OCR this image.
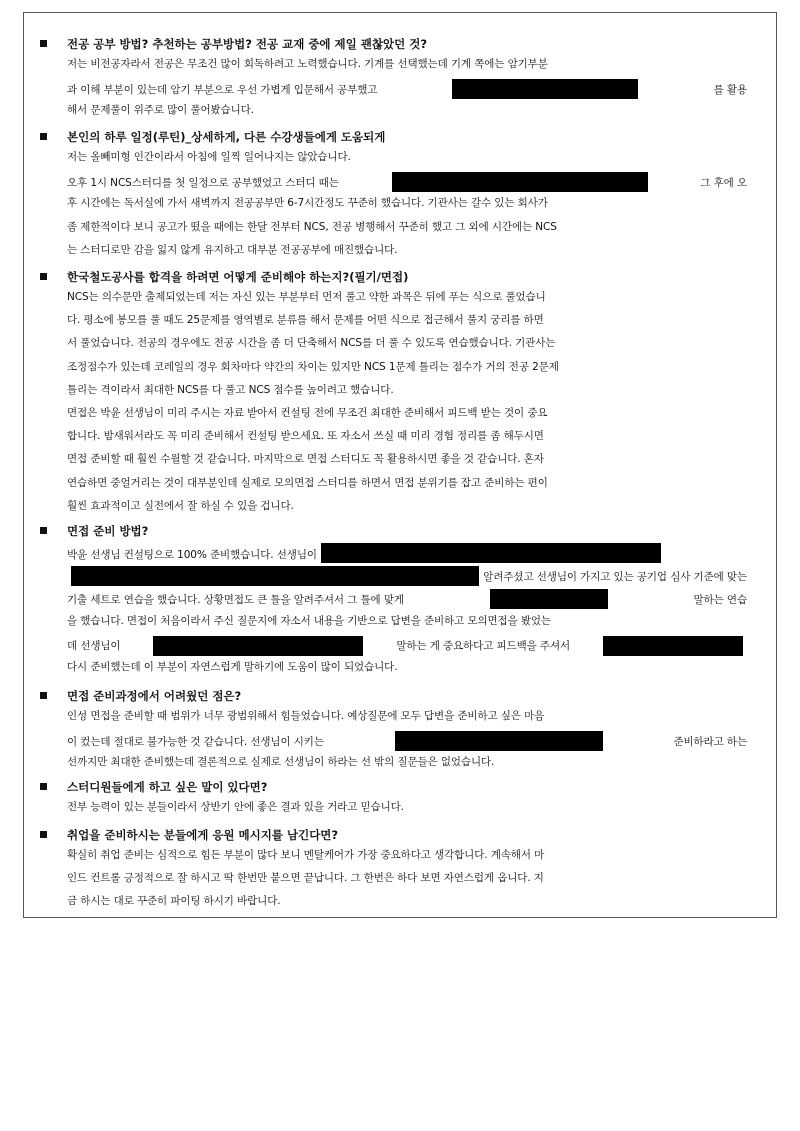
전공 공부 방법? 추천하는 공부방법? 전공 교재 중에 제일 괜찮았던 것?
저는 비전공자라서 전공은 무조건 많이 회독하려고 노력했습니다. 기계를 선택했는데 기계 쪽에는 암기부분
과 이해 부분이 있는데 암기 부분으로 우선 가볍게 입문해서 공부했고	를 활용
해서 문제풀이 위주로 많이 풀어봤습니다.
본인의 하루 일정(루틴)_상세하게, 다른 수강생들에게 도움되게
저는 올빼미형 인간이라서 아침에 일찍 일어나지는 않았습니다.
오후 1시 NCS스터디를 첫 일정으로 공부했었고 스터디 때는	그 후에 오
후 시간에는 독서실에 가서 새벽까지 전공공부만 6-7시간정도 꾸준히 했습니다. 기관사는 갈수 있는 회사가
좀 제한적이다 보니 공고가 떴을 때에는 한달 전부터 NCS, 전공 병행해서 꾸준히 했고 그 외에 시간에는 NCS
는 스터디로만 감을 잃지 않게 유지하고 대부분 전공공부에 매진했습니다.
한국철도공사를 합격을 하려면 어떻게 준비해야 하는지?(필기/면접)
NCS는 의수문만 출제되었는데 저는 자신 있는 부분부터 먼저 풀고 약한 과목은 뒤에 푸는 식으로 풀었습니
다. 평소에 봉모를 풀 때도 25문제를 영역별로 분류를 해서 문제를 어떤 식으로 접근해서 풀지 궁리를 하면
서 풀었습니다. 전공의 경우에도 전공 시간을 좀 더 단축해서 NCS를 더 풀 수 있도록 연습했습니다. 기관사는
조정점수가 있는데 코레일의 경우 회차마다 약간의 차이는 있지만 NCS 1문제 틀리는 점수가 거의 전공 2문제
틀리는 격이라서 최대한 NCS를 다 풀고 NCS 점수를 높이려고 했습니다.
면접은 박윤 선생님이 미리 주시는 자료 받아서 컨설팅 전에 무조건 최대한 준비해서 피드백 받는 것이 중요
합니다. 밤새워서라도 꼭 미리 준비해서 컨설팅 받으세요. 또 자소서 쓰실 때 미리 경험 정리를 좀 해두시면
면접 준비할 때 훨씬 수월할 것 같습니다. 마지막으로 면접 스터디도 꼭 활용하시면 좋을 것 같습니다. 혼자
연습하면 중얼거리는 것이 대부분인데 실제로 모의면접 스터디를 하면서 면접 분위기를 잡고 준비하는 편이
훨씬 효과적이고 실전에서 잘 하실 수 있을 겁니다.
면접 준비 방법?
박윤 선생님 컨설팅으로 100% 준비했습니다. 선생님이
알려주셨고 선생님이 가지고 있는 공기업 심사 기준에 맞는
기출 세트로 연습을 했습니다. 상황면접도 큰 틀을 알려주셔서 그 틀에 맞게	말하는 연습
을 했습니다. 면접이 처음이라서 주신 질문지에 자소서 내용을 기반으로 답변을 준비하고 모의면접을 봤었는
데 선생님이	말하는 게 중요하다고 피드백을 주셔서
다시 준비했는데 이 부분이 자연스럽게 말하기에 도움이 많이 되었습니다.
면접 준비과정에서 어려웠던 점은?
인성 면접을 준비할 때 범위가 너무 광범위해서 힘들었습니다. 예상질문에 모두 답변을 준비하고 싶은 마음
이 컸는데 절대로 불가능한 것 같습니다. 선생님이 시키는	준비하라고 하는
선까지만 최대한 준비했는데 결론적으로 실제로 선생님이 하라는 선 밖의 질문들은 없었습니다.
스터디원들에게 하고 싶은 말이 있다면?
전부 능력이 있는 분들이라서 상반기 안에 좋은 결과 있을 거라고 믿습니다.
취업을 준비하시는 분들에게 응원 메시지를 남긴다면?
확실히 취업 준비는 심적으로 힘든 부분이 많다 보니 멘탈케어가 가장 중요하다고 생각합니다. 계속해서 마
인드 컨트롤 긍정적으로 잘 하시고 딱 한번만 붙으면 끝납니다. 그 한번은 하다 보면 자연스럽게 옵니다. 지
금 하시는 대로 꾸준히 파이팅 하시기 바랍니다.
